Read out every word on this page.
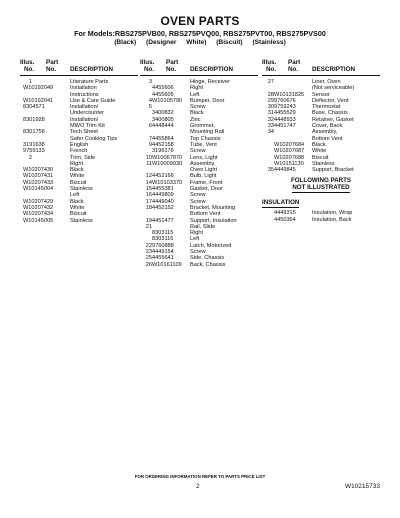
OVEN PARTS
For Models:RBS275PVB00, RBS275PVQ00, RBS275PVT00, RBS275PVS00
(Black) (Designer White) (Biscuit) (Stainless)
Illus. Part
No. No. DESCRIPTION
1	Literature Parts
W10192049	Installation
Instructions
W10192041	Use & Care Guide
8304571	Installation/
Undercounter
8301928	Installation/
MWO Trim Kit
8301758	Tech Sheet
Safer Cooking Tips
3191638	English
9759133	French
2	Trim, Side
Right
W10207430	Black
W10207431	White
W10207433	Biscuit
W10145004	Stainless
Left
W10207429	Black
W10207432	White
W10207434	Biscuit
W10145005	Stainless
Illus. Part
No. No. DESCRIPTION
3	Hinge, Receiver
4455606	Right
4455605	Left
4 W10105790 Bumper, Door
5	Screw
3400832	Black
3400805	Zinc
6 4448444	Grommet,
Mounting Rail
7 4455864	Top Chassis
9 4452158	Tube, Vent
3196176	Screw
10 W10067870 Lens, Light
11 W10009930 Assembly,
Oven Light
12 4452166	Bulb, Light
14 W10103370 Frame, Front
15 4455381	Gasket, Door
16 4449809	Screw
17 4449040	Screw
18 4452152	Bracket, Mounting
Bottom Vent
19 4451477	Support, Insulation
21	Rail, Slide
8303115	Right
8303116	Left
22 9760888	Latch, Motorized
23 4449154	Screw
25 4455641	Side, Chassis
26 W10161109 Back, Chassis
Illus. Part
No. No. DESCRIPTION
27	Liner, Oven
(Not serviceable)
28 W10131825 Sensor
29 9760676	Deflector, Vent
30 9759243	Thermostat
31 4455529	Base, Chassis
32 4448933	Retainer, Gasket
33 4451747	Cover, Back
34	Assembly,
Bottom Vent
W10207684 Black
W10207687 White
W10207688 Biscuit
W10151130 Stainless
35 4449845	Support, Bracket
FOLLOWING PARTS
NOT ILLUSTRATED
INSULATION
4449315	Insulation, Wrap
4450364	Insulation, Back
FOR ORDERING INFORMATION REFER TO PARTS PRICE LIST
2	W10215733
